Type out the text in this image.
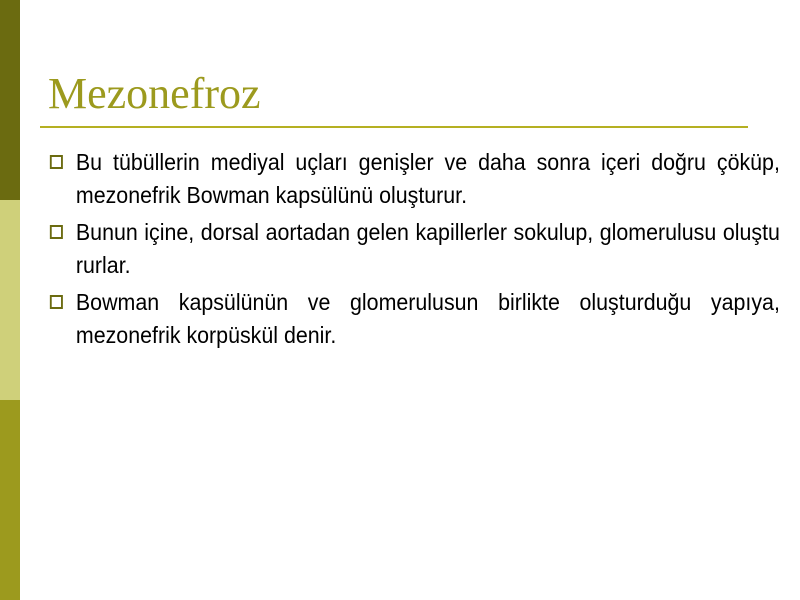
Mezonefroz
Bu tübüllerin mediyal uçları genişler ve daha sonra içeri doğru çöküp, mezonefrik Bowman kapsülünü oluşturur.
Bunun içine, dorsal aortadan gelen kapillerler sokulup, glomerulusu oluştu rurlar.
Bowman kapsülünün ve glomerulusun birlikte oluşturduğu yapıya, mezonefrik korpüskül denir.
